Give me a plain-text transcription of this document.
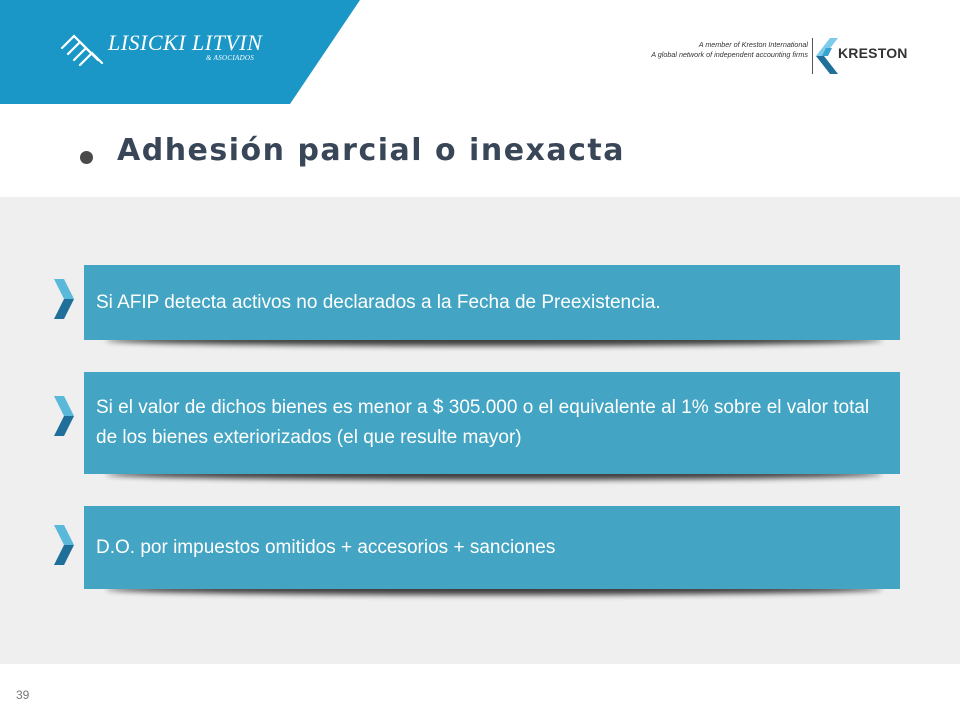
LISICKI LITVIN
& ASOCIADOS
A member of Kreston International
A global network of independent accounting firms KRESTON
Adhesión parcial o inexacta
Si AFIP detecta activos no declarados a la Fecha de Preexistencia.
Si el valor de dichos bienes es menor a $ 305.000 o el equivalente al 1% sobre el valor total de los bienes exteriorizados (el que resulte mayor)
D.O. por impuestos omitidos + accesorios + sanciones
39
